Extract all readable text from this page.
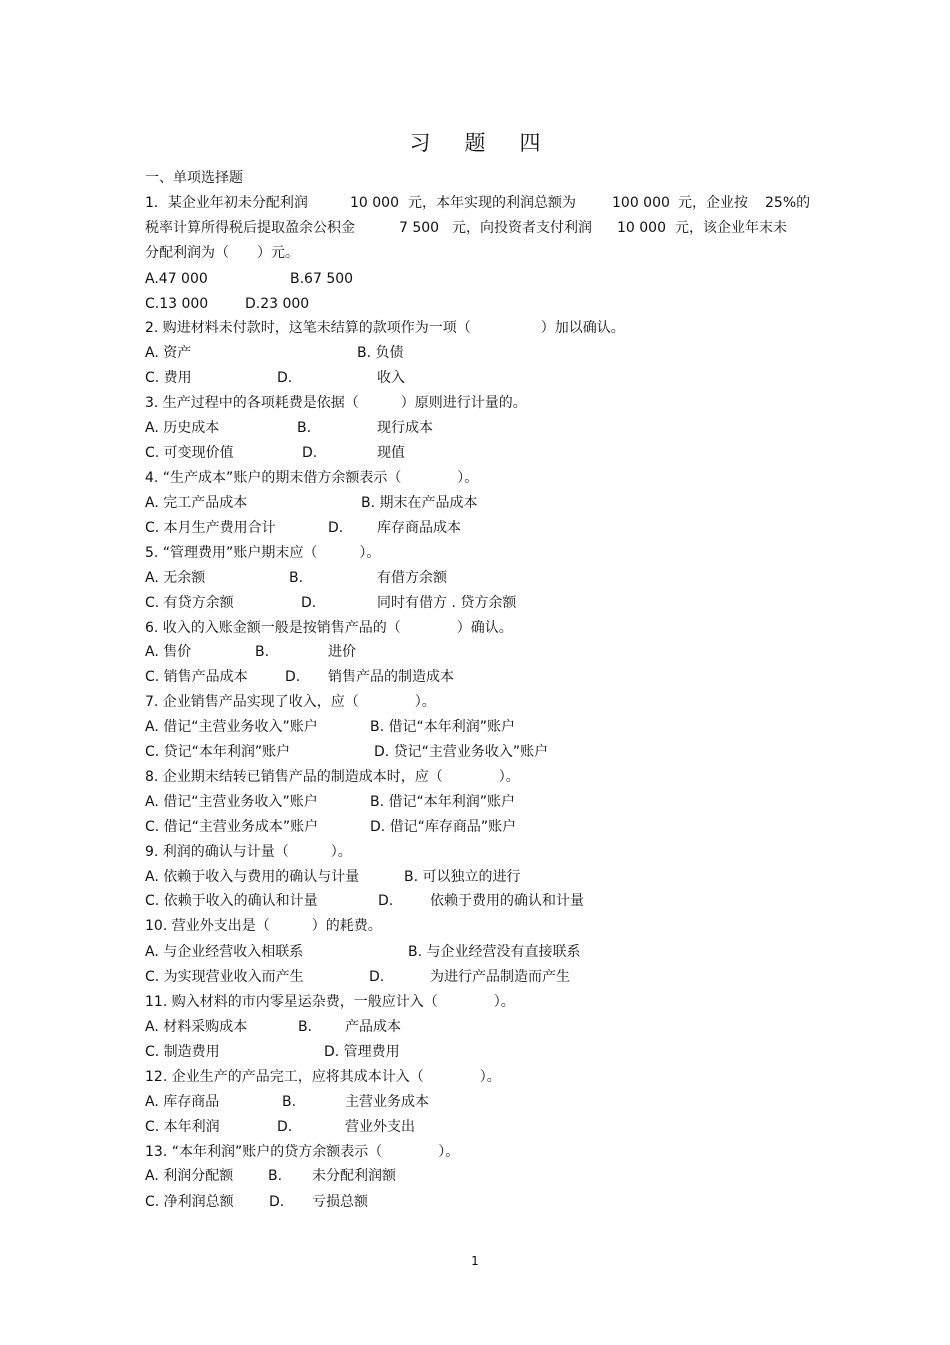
习 题 四
一、单项选择题
1．某企业年初未分配利润	10 000 元，本年实现的利润总额为	100 000 元，企业按 25%的
税率计算所得税后提取盈余公积金	7 500 元，向投资者支付利润 10 000 元，该企业年末未
分配利润为（　　）元。
A.47 000	B.67 500
C.13 000	D.23 000
2. 购进材料未付款时，这笔未结算的款项作为一项（　　　　　）加以确认。
A. 资产	B. 负债
C. 费用	D.	收入
3. 生产过程中的各项耗费是依据（　　　）原则进行计量的。
A. 历史成本	B.	现行成本
C. 可变现价值	D.	现值
4. “生产成本”账户的期末借方余额表示（　　　　）。
A. 完工产品成本	B. 期末在产品成本
C. 本月生产费用合计	D. 库存商品成本
5. “管理费用”账户期末应（　　　）。
A. 无余额	B.	有借方余额
C. 有贷方余额	D.	同时有借方 . 贷方余额
6. 收入的入账金额一般是按销售产品的（　　　　）确认。
A. 售价	B.	进价
C. 销售产品成本	D. 销售产品的制造成本
7. 企业销售产品实现了收入，应（　　　　）。
A. 借记“主营业务收入”账户	B. 借记“本年利润”账户
C. 贷记“本年利润”账户	D. 贷记“主营业务收入”账户
8. 企业期末结转已销售产品的制造成本时，应（　　　　）。
A. 借记“主营业务收入”账户	B. 借记“本年利润”账户
C. 借记“主营业务成本”账户	D. 借记“库存商品”账户
9. 利润的确认与计量（　　　）。
A. 依赖于收入与费用的确认与计量	B. 可以独立的进行
C. 依赖于收入的确认和计量	D.	依赖于费用的确认和计量
10. 营业外支出是（　　　）的耗费。
A. 与企业经营收入相联系	B. 与企业经营没有直接联系
C. 为实现营业收入而产生	D.	为进行产品制造而产生
11. 购入材料的市内零星运杂费，一般应计入（　　　　）。
A. 材料采购成本	B. 产品成本
C. 制造费用	D. 管理费用
12. 企业生产的产品完工，应将其成本计入（　　　　）。
A. 库存商品	B.	主营业务成本
C. 本年利润	D.	营业外支出
13. “本年利润”账户的贷方余额表示（　　　　）。
A. 利润分配额 B. 未分配利润额
C. 净利润总额	D. 亏损总额
1
